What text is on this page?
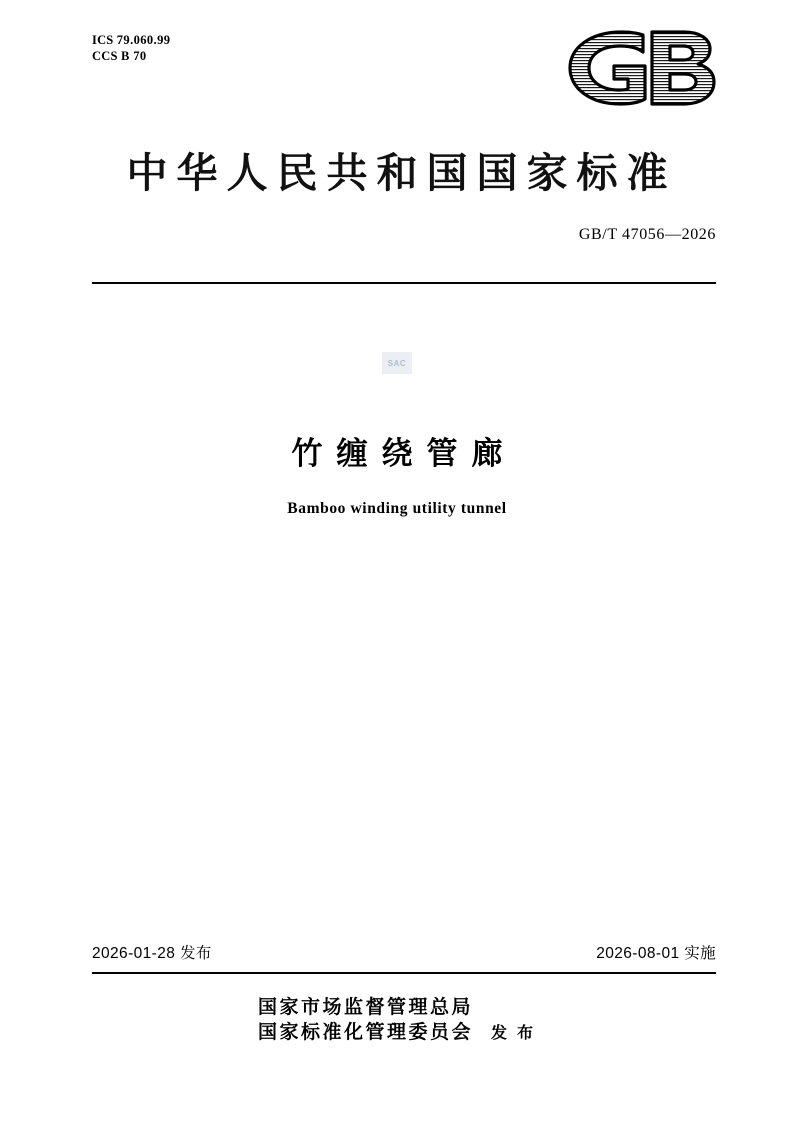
ICS 79.060.99
CCS B 70
中华人民共和国国家标准
GB/T 47056—2026
SAC
竹缠绕管廊
Bamboo winding utility tunnel
2026-01-28 发布	2026-08-01 实施
国家市场监督管理总局
国家标准化管理委员会 发 布
